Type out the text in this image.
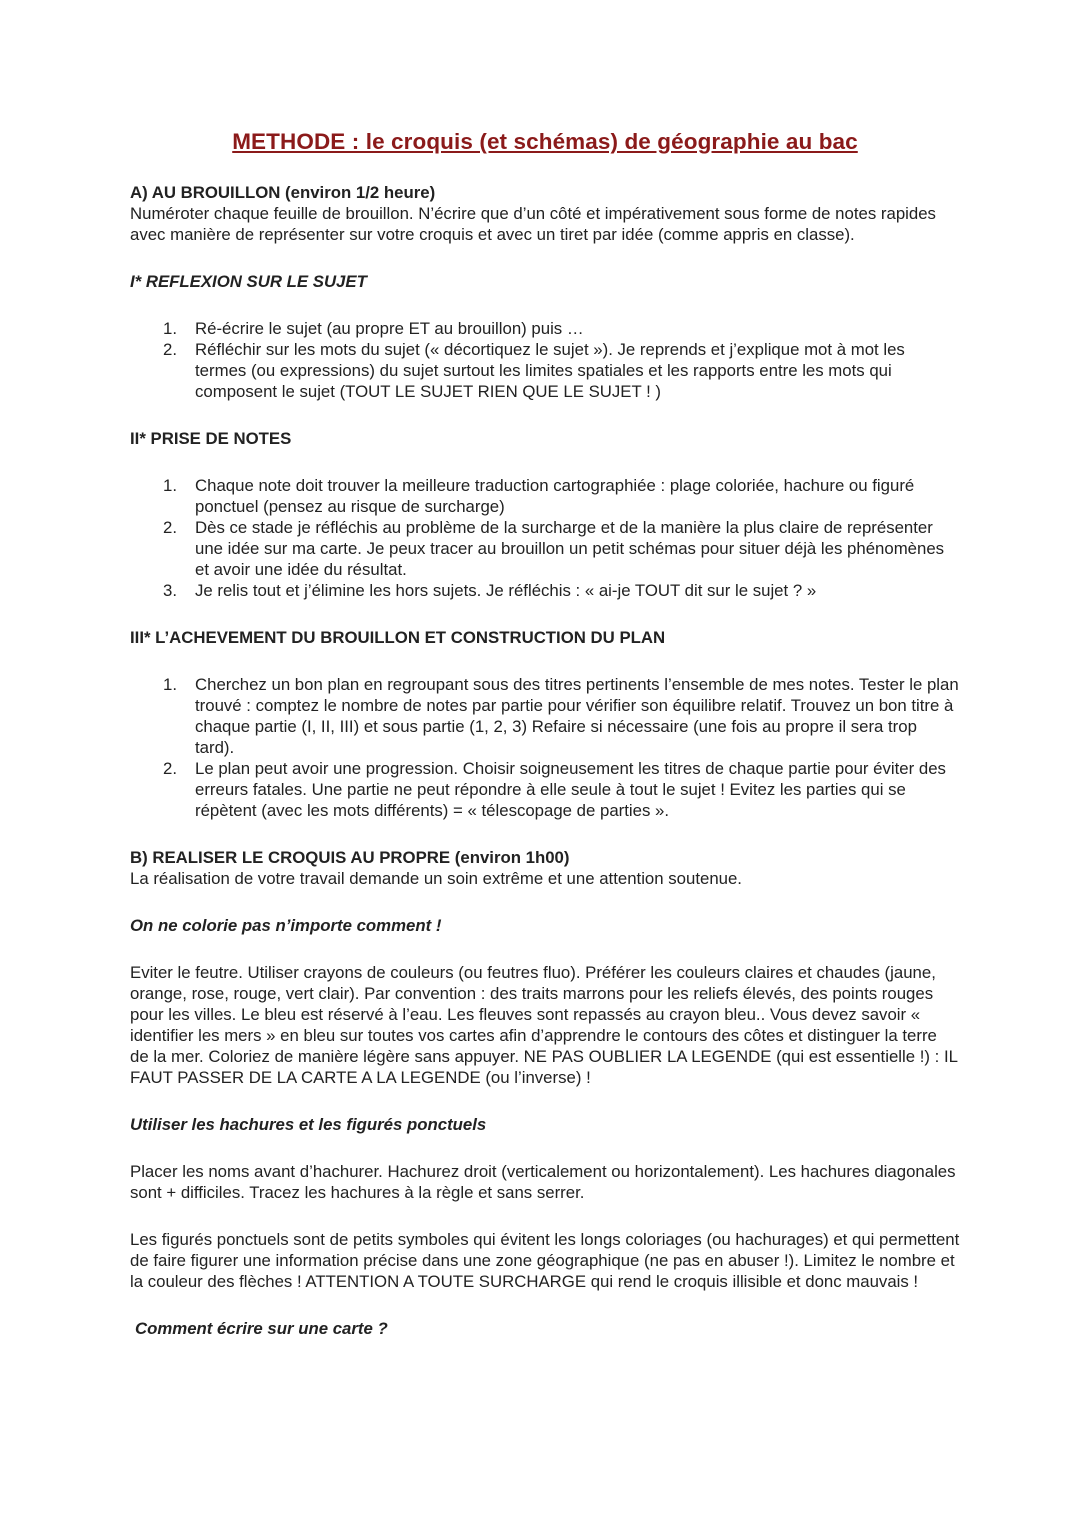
METHODE : le croquis (et schémas) de géographie au bac

A) AU BROUILLON (environ 1/2 heure)

Numéroter chaque feuille de brouillon. N’écrire que d’un côté et impérativement sous forme de notes rapides avec manière de représenter sur votre croquis et avec un tiret par idée (comme appris en classe).

I* REFLEXION SUR LE SUJET

1. Ré-écrire le sujet (au propre ET au brouillon) puis …
2. Réfléchir sur les mots du sujet (« décortiquez le sujet »). Je reprends et j’explique mot à mot les termes (ou expressions) du sujet surtout les limites spatiales et les rapports entre les mots qui composent le sujet (TOUT LE SUJET RIEN QUE LE SUJET ! )

II* PRISE DE NOTES

1. Chaque note doit trouver la meilleure traduction cartographiée : plage coloriée, hachure ou figuré ponctuel (pensez au risque de surcharge)
2. Dès ce stade je réfléchis au problème de la surcharge et de la manière la plus claire de représenter une idée sur ma carte. Je peux tracer au brouillon un petit schémas pour situer déjà les phénomènes et avoir une idée du résultat.
3. Je relis tout et j’élimine les hors sujets. Je réfléchis : « ai-je TOUT dit sur le sujet ? »

III* L’ACHEVEMENT DU BROUILLON ET CONSTRUCTION DU PLAN

1. Cherchez un bon plan en regroupant sous des titres pertinents l’ensemble de mes notes. Tester le plan trouvé : comptez le nombre de notes par partie pour vérifier son équilibre relatif. Trouvez un bon titre à chaque partie (I, II, III) et sous partie (1, 2, 3) Refaire si nécessaire (une fois au propre il sera trop tard).
2. Le plan peut avoir une progression. Choisir soigneusement les titres de chaque partie pour éviter des erreurs fatales. Une partie ne peut répondre à elle seule à tout le sujet ! Evitez les parties qui se répètent (avec les mots différents) = « télescopage de parties ».

B) REALISER LE CROQUIS AU PROPRE (environ 1h00)

La réalisation de votre travail demande un soin extrême et une attention soutenue.

On ne colorie pas n’importe comment !

Eviter le feutre. Utiliser crayons de couleurs (ou feutres fluo). Préférer les couleurs claires et chaudes (jaune, orange, rose, rouge, vert clair). Par convention : des traits marrons pour les reliefs élevés, des points rouges pour les villes. Le bleu est réservé à l’eau. Les fleuves sont repassés au crayon bleu.. Vous devez savoir « identifier les mers » en bleu sur toutes vos cartes afin d’apprendre le contours des côtes et distinguer la terre de la mer. Coloriez de manière légère sans appuyer. NE PAS OUBLIER LA LEGENDE (qui est essentielle !) : IL FAUT PASSER DE LA CARTE A LA LEGENDE (ou l’inverse) !

Utiliser les hachures et les figurés ponctuels

Placer les noms avant d’hachurer. Hachurez droit (verticalement ou horizontalement). Les hachures diagonales sont + difficiles. Tracez les hachures à la règle et sans serrer.

Les figurés ponctuels sont de petits symboles qui évitent les longs coloriages (ou hachurages) et qui permettent de faire figurer une information précise dans une zone géographique (ne pas en abuser !). Limitez le nombre et la couleur des flèches ! ATTENTION A TOUTE SURCHARGE qui rend le croquis illisible et donc mauvais !

Comment écrire sur une carte ?
